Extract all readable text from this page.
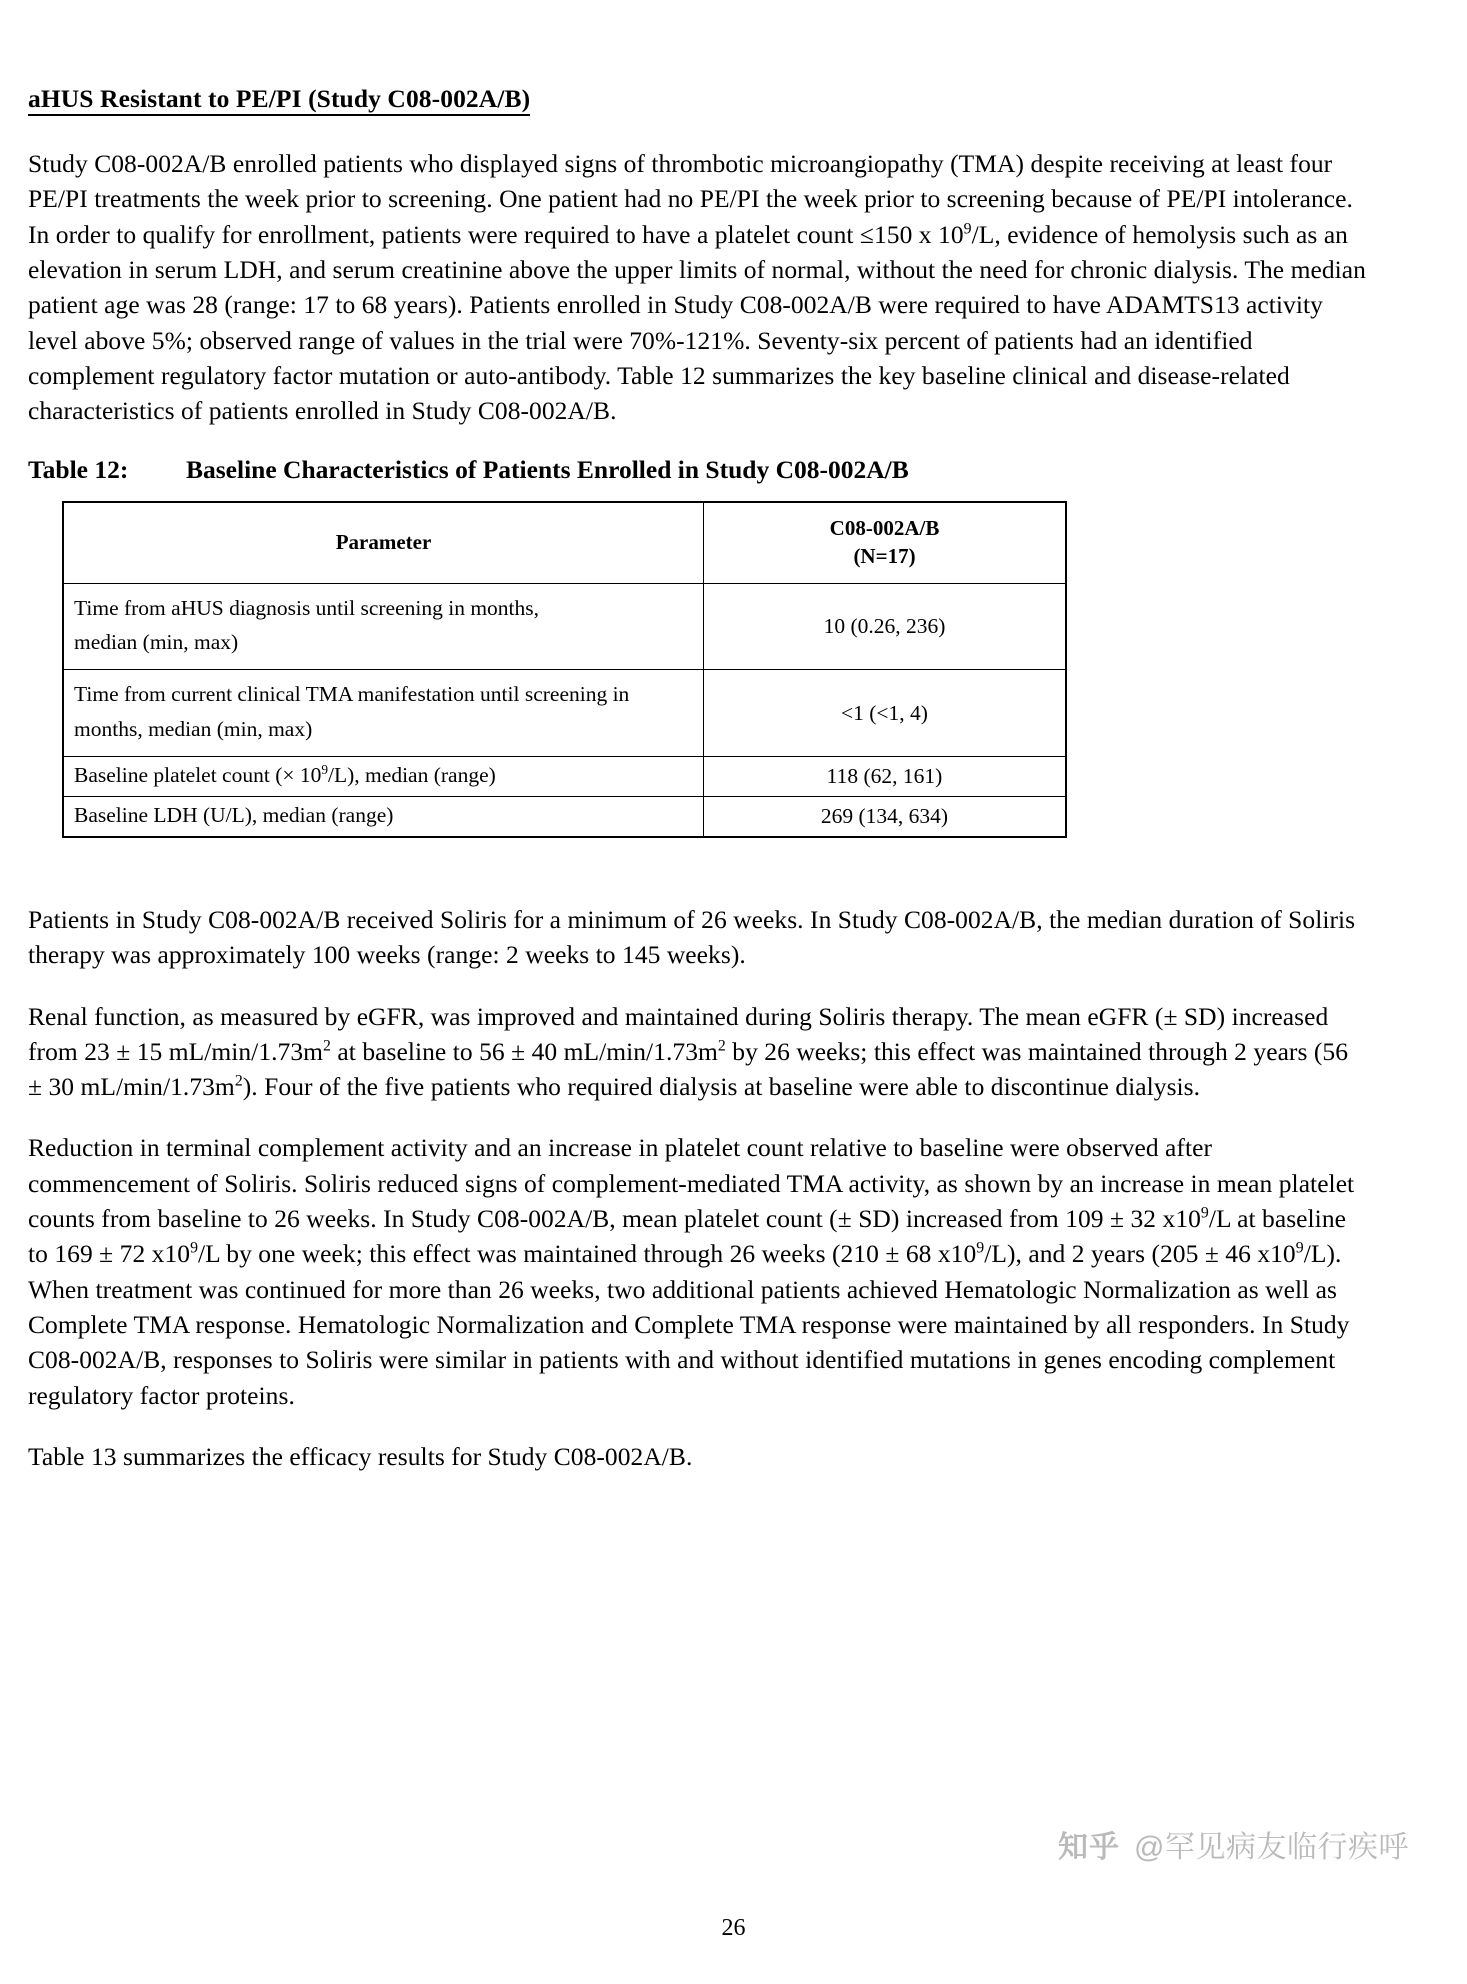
aHUS Resistant to PE/PI (Study C08-002A/B)

Study C08-002A/B enrolled patients who displayed signs of thrombotic microangiopathy (TMA) despite receiving at least four PE/PI treatments the week prior to screening. One patient had no PE/PI the week prior to screening because of PE/PI intolerance. In order to qualify for enrollment, patients were required to have a platelet count ≤150 x $10^9/L$, evidence of hemolysis such as an elevation in serum LDH, and serum creatinine above the upper limits of normal, without the need for chronic dialysis. The median patient age was 28 (range: 17 to 68 years). Patients enrolled in Study C08-002A/B were required to have ADAMTS13 activity level above 5%; observed range of values in the trial were 70%-121%. Seventy-six percent of patients had an identified complement regulatory factor mutation or auto-antibody. Table 12 summarizes the key baseline clinical and disease-related characteristics of patients enrolled in Study C08-002A/B.

Table 12:	Baseline Characteristics of Patients Enrolled in Study C08-002A/B
Parameter	C08-002A/B
(N=17)

Time from aHUS diagnosis until screening in months,
median (min, max)	10 (0.26, 236)

Time from current clinical TMA manifestation until screening in
months, median (min, max)	<1 (<1, 4)
Baseline platelet count (× $10^9/L$), median (range)	118 (62, 161)
Baseline LDH (U/L), median (range)	269 (134, 634)

Patients in Study C08-002A/B received Soliris for a minimum of 26 weeks. In Study C08-002A/B, the median duration of Soliris therapy was approximately 100 weeks (range: 2 weeks to 145 weeks).

Renal function, as measured by eGFR, was improved and maintained during Soliris therapy. The mean eGFR (± SD) increased from 23 ± 15 $mL/\min/1.73m^2$ at baseline to 56 ± 40 $mL/\min/1.73m^2$ by 26 weeks; this effect was maintained through 2 years (56 ± 30 $mL/\min/1.73m^2$). Four of the five patients who required dialysis at baseline were able to discontinue dialysis.

Reduction in terminal complement activity and an increase in platelet count relative to baseline were observed after commencement of Soliris. Soliris reduced signs of complement-mediated TMA activity, as shown by an increase in mean platelet counts from baseline to 26 weeks. In Study C08-002A/B, mean platelet count (± SD) increased from 109 ± 32 $x10^9/L$ at baseline to 169 ± 72 $x10^9/L$ by one week; this effect was maintained through 26 weeks (210 ± 68 $x10^9/L$), and 2 years (205 ± 46 $x10^9/L$). When treatment was continued for more than 26 weeks, two additional patients achieved Hematologic Normalization as well as Complete TMA response. Hematologic Normalization and Complete TMA response were maintained by all responders. In Study C08-002A/B, responses to Soliris were similar in patients with and without identified mutations in genes encoding complement regulatory factor proteins.

Table 13 summarizes the efficacy results for Study C08-002A/B.

知乎 @罕见病友临行疾呼
26
